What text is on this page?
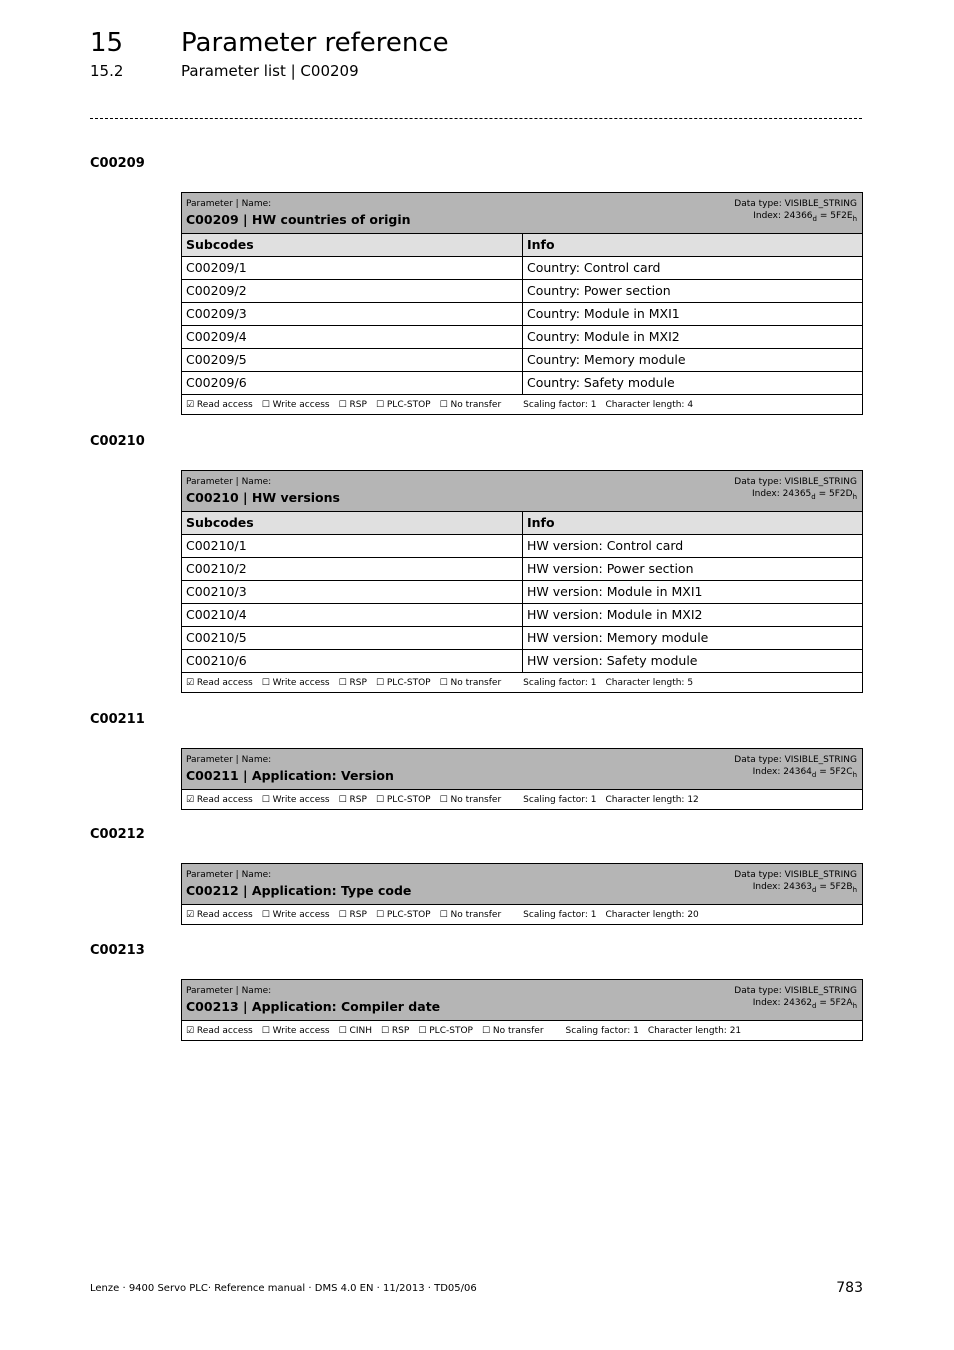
15 Parameter reference
15.2	Parameter list | C00209
C00209
Parameter | Name:
C00209 | HW countries of origin
Data type: VISIBLE_STRING
Index: $24366_d = 5F2E_h$
Subcodes	Info
C00209/1	Country: Control card
C00209/2	Country: Power section
C00209/3	Country: Module in MXI1
C00209/4	Country: Module in MXI2
C00209/5	Country: Memory module
C00209/6	Country: Safety module
☑ Read access ☐ Write access ☐ RSP ☐ PLC-STOP ☐ No transfer Scaling factor: 1 Character length: 4
C00210
Parameter | Name:
C00210 | HW versions
Data type: VISIBLE_STRING
Index: $24365_d = 5F2D_h$
Subcodes	Info
C00210/1	HW version: Control card
C00210/2	HW version: Power section
C00210/3	HW version: Module in MXI1
C00210/4	HW version: Module in MXI2
C00210/5	HW version: Memory module
C00210/6	HW version: Safety module
☑ Read access ☐ Write access ☐ RSP ☐ PLC-STOP ☐ No transfer Scaling factor: 1 Character length: 5
C00211
Parameter | Name:
C00211 | Application: Version
Data type: VISIBLE_STRING
Index: $24364_d = 5F2C_h$
☑ Read access ☐ Write access ☐ RSP ☐ PLC-STOP ☐ No transfer Scaling factor: 1 Character length: 12
C00212
Parameter | Name:
C00212 | Application: Type code
Data type: VISIBLE_STRING
Index: $24363_d = 5F2B_h$
☑ Read access ☐ Write access ☐ RSP ☐ PLC-STOP ☐ No transfer Scaling factor: 1 Character length: 20
C00213
Parameter | Name:
C00213 | Application: Compiler date
Data type: VISIBLE_STRING
Index: $24362_d = 5F2A_h$
☑ Read access ☐ Write access ☐ CINH ☐ RSP ☐ PLC-STOP ☐ No transfer Scaling factor: 1 Character length: 21
Lenze · 9400 Servo PLC· Reference manual · DMS 4.0 EN · 11/2013 · TD05/06	783
